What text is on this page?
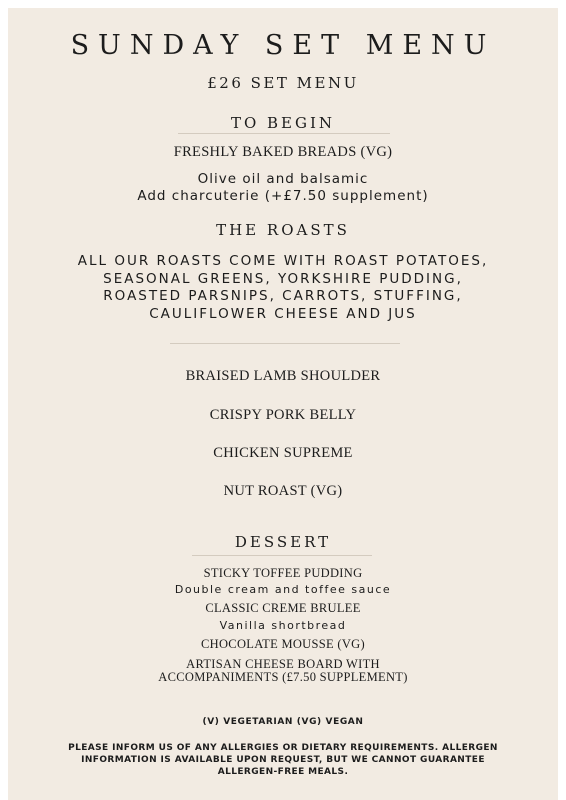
SUNDAY SET MENU
£26 SET MENU
TO BEGIN
FRESHLY BAKED BREADS (VG)
Olive oil and balsamic
Add charcuterie (+£7.50 supplement)
THE ROASTS
ALL OUR ROASTS COME WITH ROAST POTATOES,
SEASONAL GREENS, YORKSHIRE PUDDING,
ROASTED PARSNIPS, CARROTS, STUFFING,
CAULIFLOWER CHEESE AND JUS
BRAISED LAMB SHOULDER
CRISPY PORK BELLY
CHICKEN SUPREME
NUT ROAST (VG)
DESSERT
STICKY TOFFEE PUDDING
Double cream and toffee sauce
CLASSIC CREME BRULEE
Vanilla shortbread
CHOCOLATE MOUSSE (VG)
ARTISAN CHEESE BOARD WITH
ACCOMPANIMENTS (£7.50 SUPPLEMENT)
(V) VEGETARIAN (VG) VEGAN
PLEASE INFORM US OF ANY ALLERGIES OR DIETARY REQUIREMENTS. ALLERGEN
INFORMATION IS AVAILABLE UPON REQUEST, BUT WE CANNOT GUARANTEE
ALLERGEN-FREE MEALS.
